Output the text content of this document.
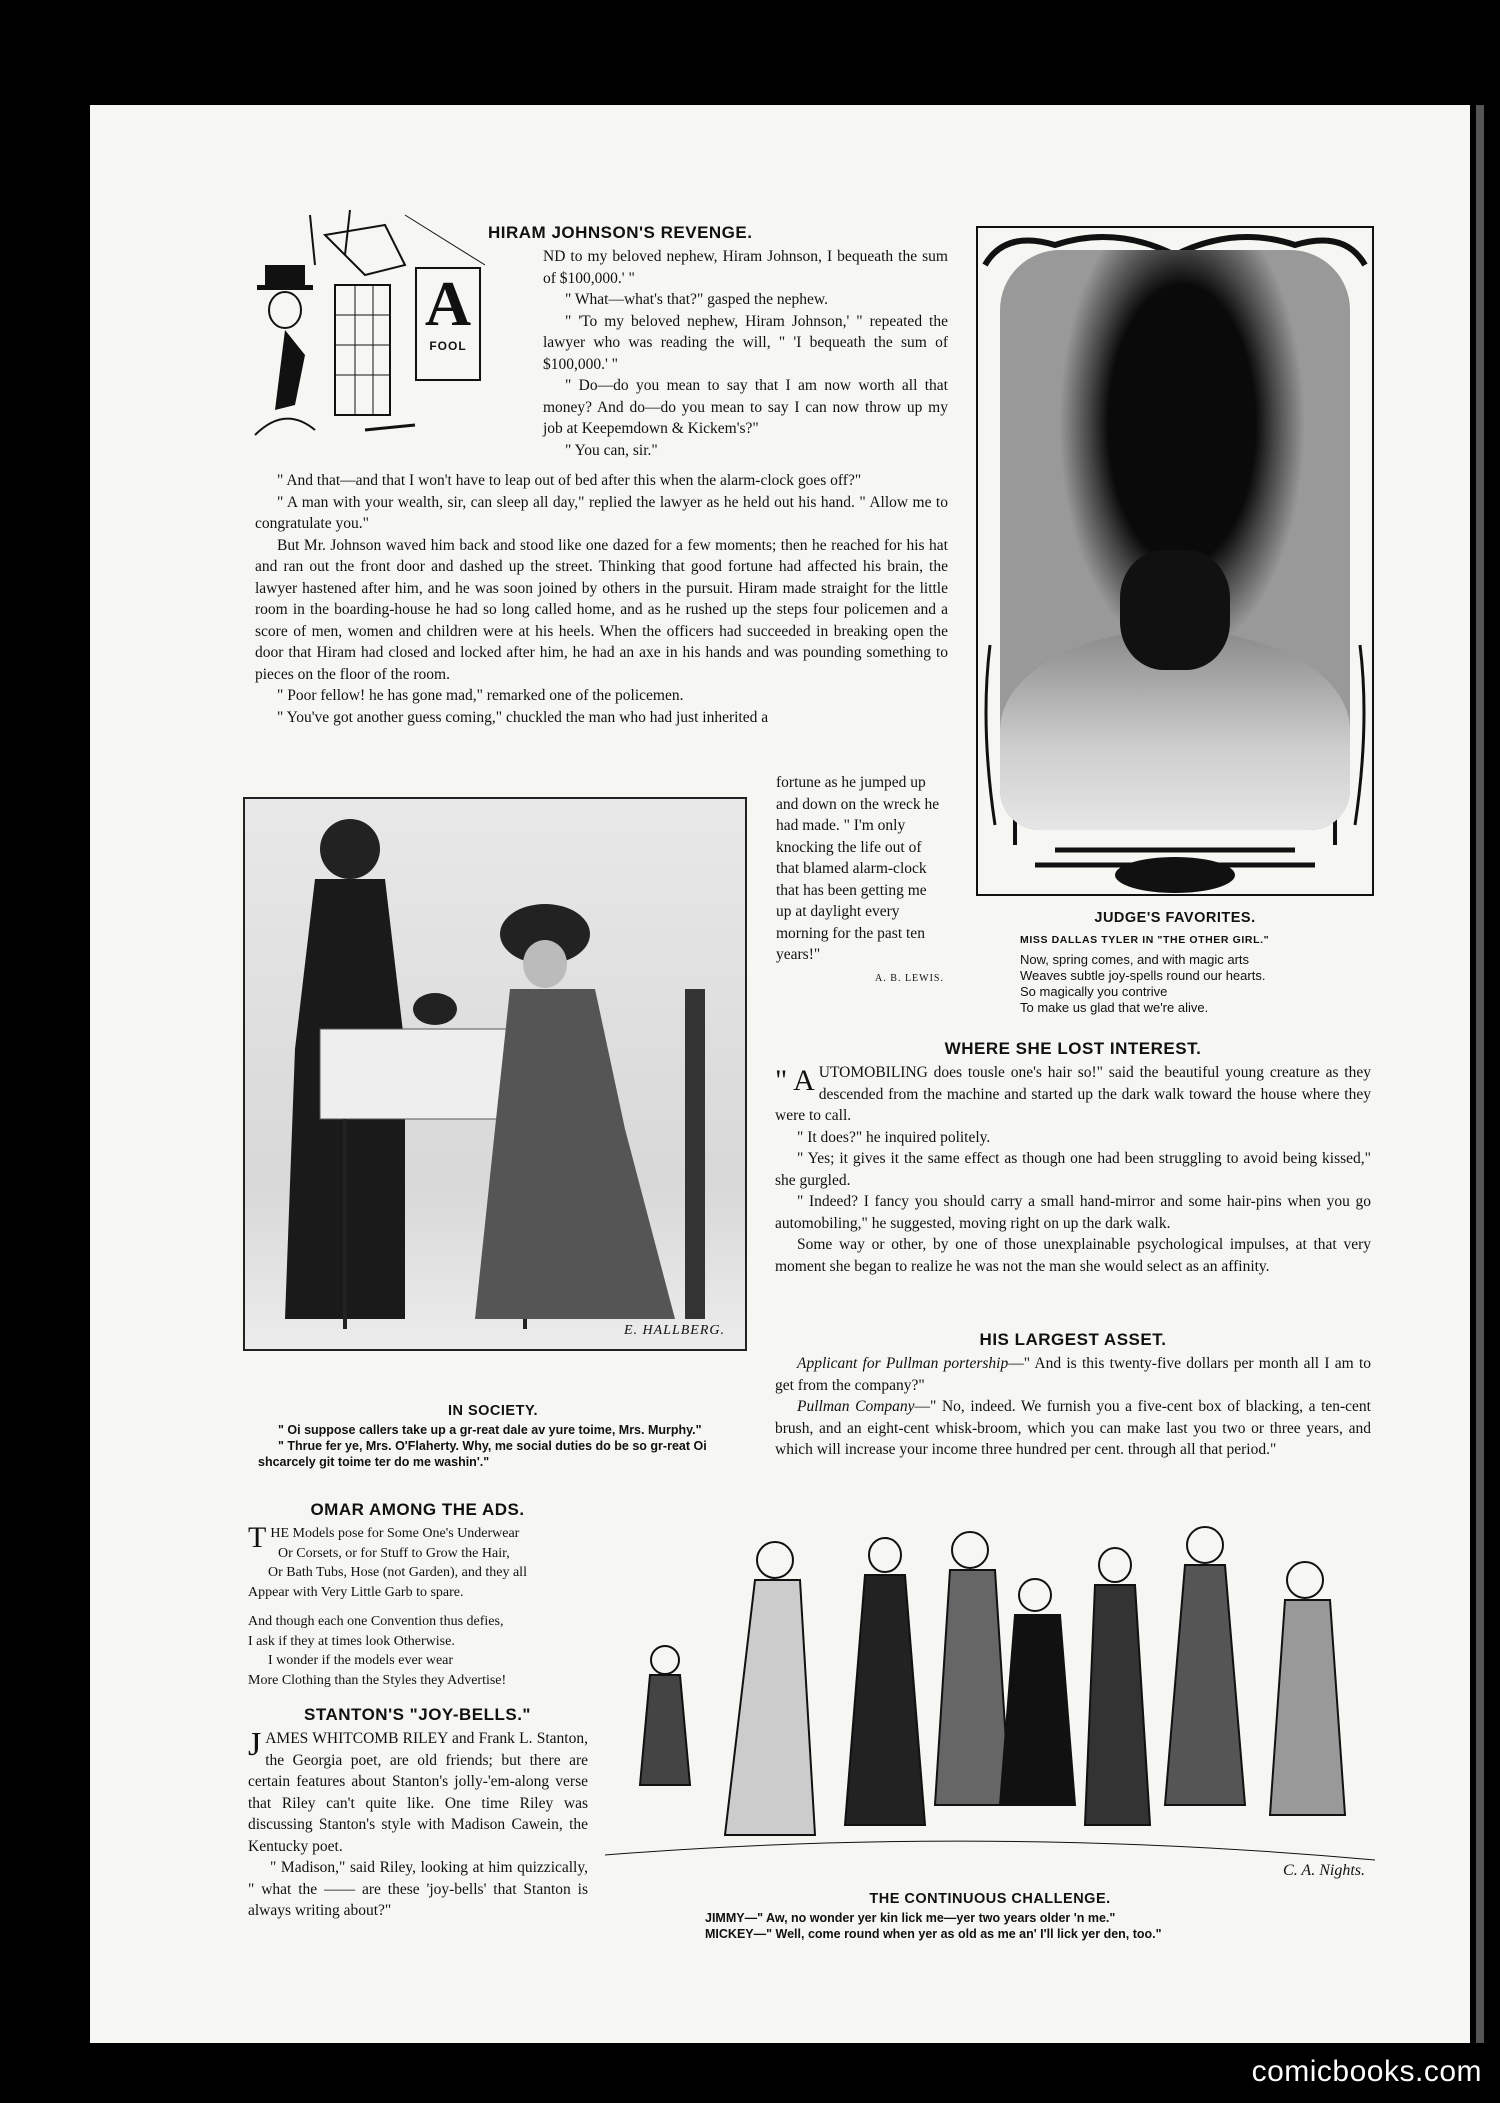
A
FOOL
HIRAM JOHNSON'S REVENGE.

ND to my beloved nephew, Hiram Johnson, I bequeath the sum of $100,000.' "

" What—what's that?" gasped the nephew.

" 'To my beloved nephew, Hiram Johnson,' " repeated the lawyer who was reading the will, " 'I bequeath the sum of $100,000.' "

" Do—do you mean to say that I am now worth all that money? And do—do you mean to say I can now throw up my job at Keepemdown & Kickem's?"

" You can, sir."

" And that—and that I won't have to leap out of bed after this when the alarm-clock goes off?"

" A man with your wealth, sir, can sleep all day," replied the lawyer as he held out his hand. " Allow me to congratulate you."

But Mr. Johnson waved him back and stood like one dazed for a few moments; then he reached for his hat and ran out the front door and dashed up the street. Thinking that good fortune had affected his brain, the lawyer hastened after him, and he was soon joined by others in the pursuit. Hiram made straight for the little room in the boarding-house he had so long called home, and as he rushed up the steps four policemen and a score of men, women and children were at his heels. When the officers had succeeded in breaking open the door that Hiram had closed and locked after him, he had an axe in his hands and was pounding something to pieces on the floor of the room.

" Poor fellow! he has gone mad," remarked one of the policemen.

" You've got another guess coming," chuckled the man who had just inherited a

fortune as he jumped up and down on the wreck he had made. " I'm only knocking the life out of that blamed alarm-clock that has been getting me up at daylight every morning for the past ten years!"

A. B. LEWIS.
JUDGE'S FAVORITES.
MISS DALLAS TYLER IN "THE OTHER GIRL."
Now, spring comes, and with magic arts
Weaves subtle joy-spells round our hearts.
So magically you contrive
To make us glad that we're alive.
E. HALLBERG.
IN SOCIETY.
" Oi suppose callers take up a gr-reat dale av yure toime, Mrs. Murphy."
" Thrue fer ye, Mrs. O'Flaherty. Why, me social duties do be so gr-reat Oi shcarcely git toime ter do me washin'."
WHERE SHE LOST INTEREST.

" A UTOMOBILING does tousle one's hair so!" said the beautiful young creature as they descended from the machine and started up the dark walk toward the house where they were to call.

" It does?" he inquired politely.

" Yes; it gives it the same effect as though one had been struggling to avoid being kissed," she gurgled.

" Indeed? I fancy you should carry a small hand-mirror and some hair-pins when you go automobiling," he suggested, moving right on up the dark walk.

Some way or other, by one of those unexplainable psychological impulses, at that very moment she began to realize he was not the man she would select as an affinity.

HIS LARGEST ASSET.

Applicant for Pullman portership—" And is this twenty-five dollars per month all I am to get from the company?"

Pullman Company—" No, indeed. We furnish you a five-cent box of blacking, a ten-cent brush, and an eight-cent whisk-broom, which you can make last you two or three years, and which will increase your income three hundred per cent. through all that period."

OMAR AMONG THE ADS.
THE Models pose for Some One's Underwear
Or Corsets, or for Stuff to Grow the Hair,
Or Bath Tubs, Hose (not Garden), and they all
Appear with Very Little Garb to spare.
And though each one Convention thus defies,
I ask if they at times look Otherwise.
I wonder if the models ever wear
More Clothing than the Styles they Advertise!
STANTON'S "JOY-BELLS."

JAMES WHITCOMB RILEY and Frank L. Stanton, the Georgia poet, are old friends; but there are certain features about Stanton's jolly-'em-along verse that Riley can't quite like. One time Riley was discussing Stanton's style with Madison Cawein, the Kentucky poet.

" Madison," said Riley, looking at him quizzically, " what the —— are these 'joy-bells' that Stanton is always writing about?"

C. A. Nights.
THE CONTINUOUS CHALLENGE.
JIMMY—" Aw, no wonder yer kin lick me—yer two years older 'n me."
MICKEY—" Well, come round when yer as old as me an' I'll lick yer den, too."
comicbooks.com
